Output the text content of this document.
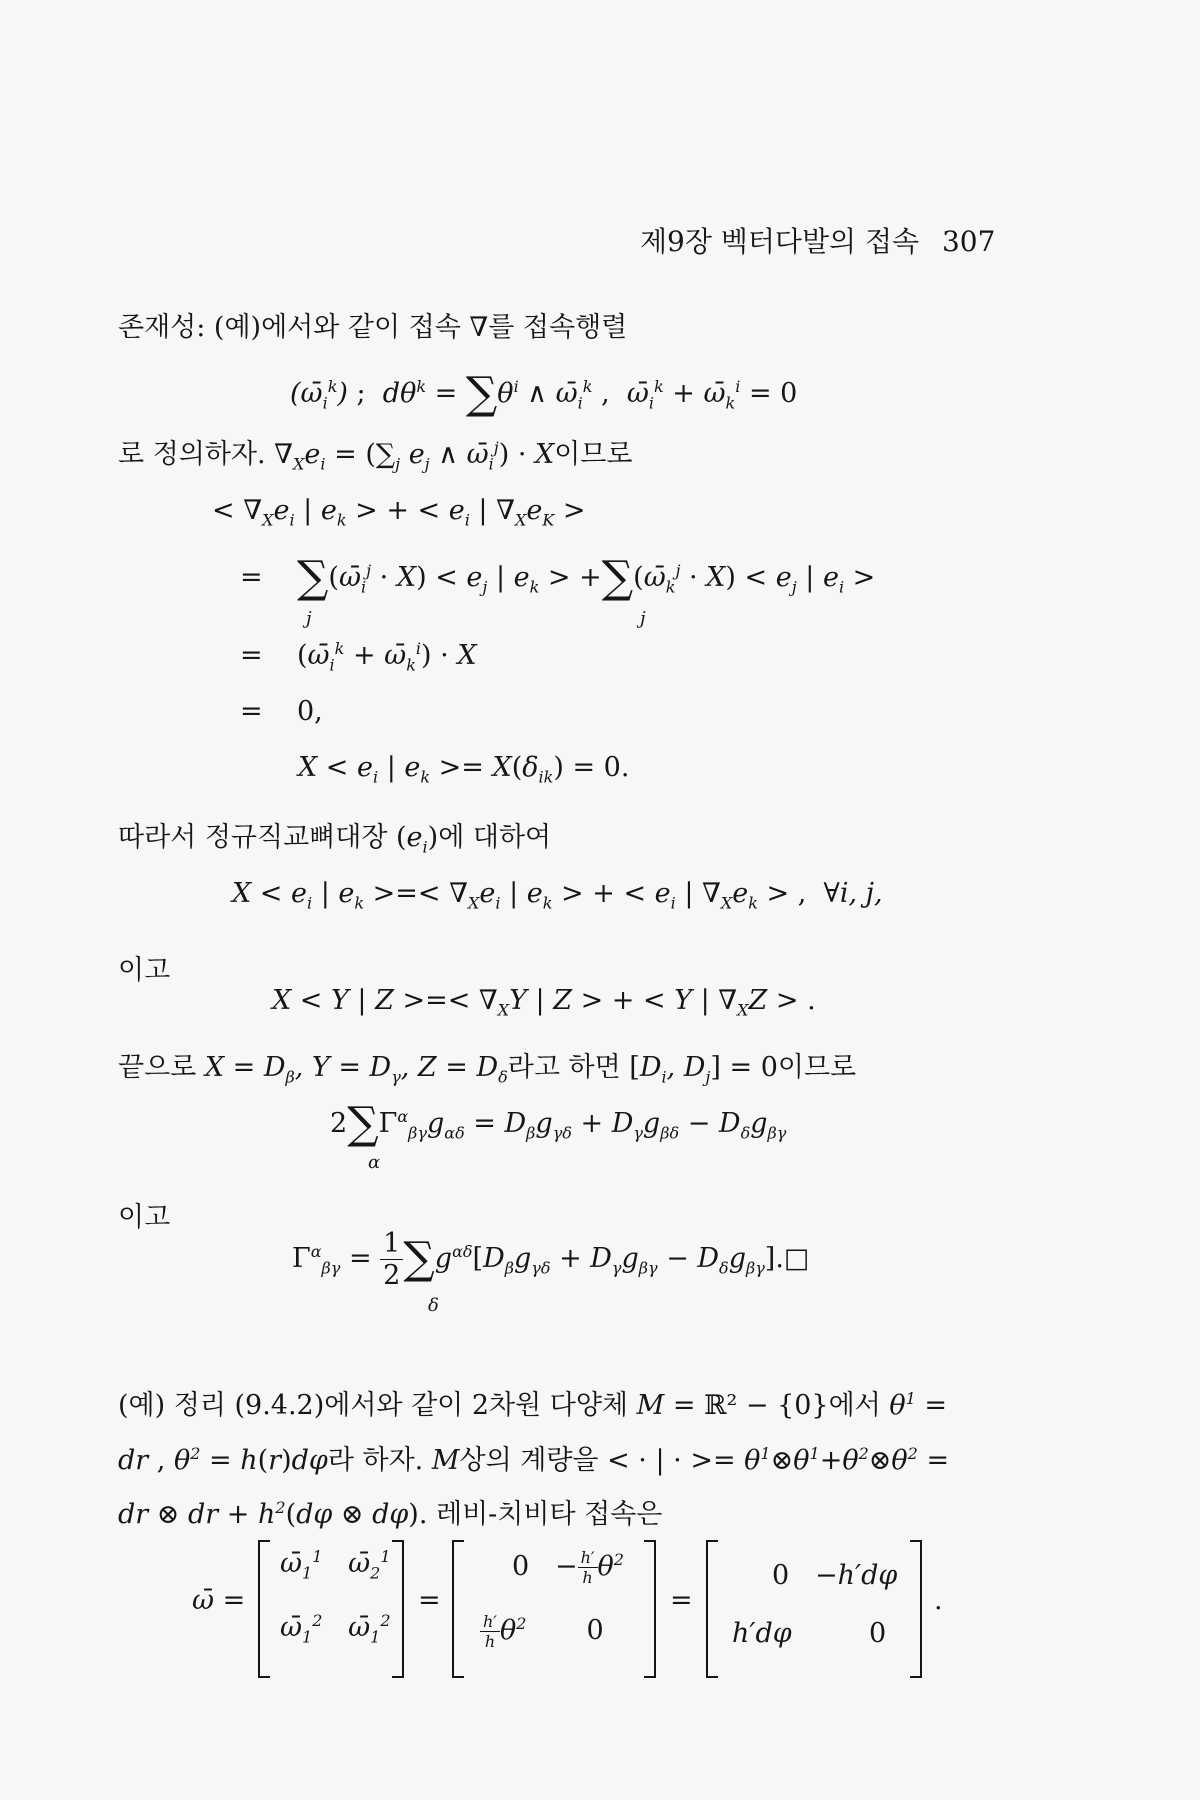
제9장 벡터다발의 접속 307
존재성: (예)에서와 같이 접속 ∇를 접속행렬
$(\omegā_i^k)$ ;  $d\theta^k = \sum\theta^i$ ∧ $\omegā_i^k$ ,  $\omegā_i^k$ + $\omegā_k^i = 0$
로 정의하자. $\nabla_Xe_i = (\sum_j$ $e_j$ ∧ $\omegā_i^j) \cdot X$이므로
< $\nabla_Xe_i$ | $e_k$ > + < $e_i$ | $\nabla_Xe_K$ >
= $\sum(\omegā_i^j \cdot X) < e_j$ | $e_k$ > $+\sum(\omegā_k^j \cdot X) < e_j$ | $e_i$ >
j	j
= ($\omegā_i^k$ + $\omegā_k^i) \cdot X$
= 0,
$X < e_i$ | $e_k >= X(\delta_{ik}) = 0$.
따라서 정규직교뼈대장 $(e_i)$에 대하여
$X < e_i$ | $e_k$ >=< $\nabla_Xe_i$ | $e_k$ > + < $e_i$ | $\nabla_Xe_k$ > ,  ∀i, j,
이고
X < Y | Z >=< $\nabla_XY$ | Z > + < Y | $\nabla_XZ$ > .
끝으로 $X = D_\beta$, $Y = D_\gamma$, $Z = D_\delta$라고 하면 [$D_i$, $D_j] = 0$이므로
$2\sum\Gamma^\alpha_{\beta\gamma}g_{\alpha\delta} = D_\beta g_{\gamma\delta} + D_\gamma g_{\beta\delta} - D_\delta g_{\beta\gamma}$
α
이고
$\Gamma^\alpha_{\beta\gamma} = \frac{1}{2} \sum g^{\alpha\delta}[D_\beta g_{\gamma\delta} + D_\gamma g_{\beta\gamma}$ − $D_\delta g_{\beta\gamma}].□$
δ
(예) 정리 (9.4.2)에서와 같이 2차원 다양체 M = ℝ² − {0}에서 $\theta^1$ =
dr , $\theta^2 = h(r)d\varphi$라 하자. M상의 계량을 < · | · >= $\theta^1\otimes\theta^1+\theta^2\otimes\theta^2$ =
dr ⊗ dr + $h^2(d\varphi$ ⊗ dφ). 레비-치비타 접속은
ω̄ =
$\omegā_1^1$   $\omegā_2^1$
$\omegā_1^2$   $\omegā_1^2$
=
$0 - \frac{h'}{h} \theta^2$
$\frac{h'}{h} \theta^2$ 0
=
0 −h′dφ
h′dφ         0
.
